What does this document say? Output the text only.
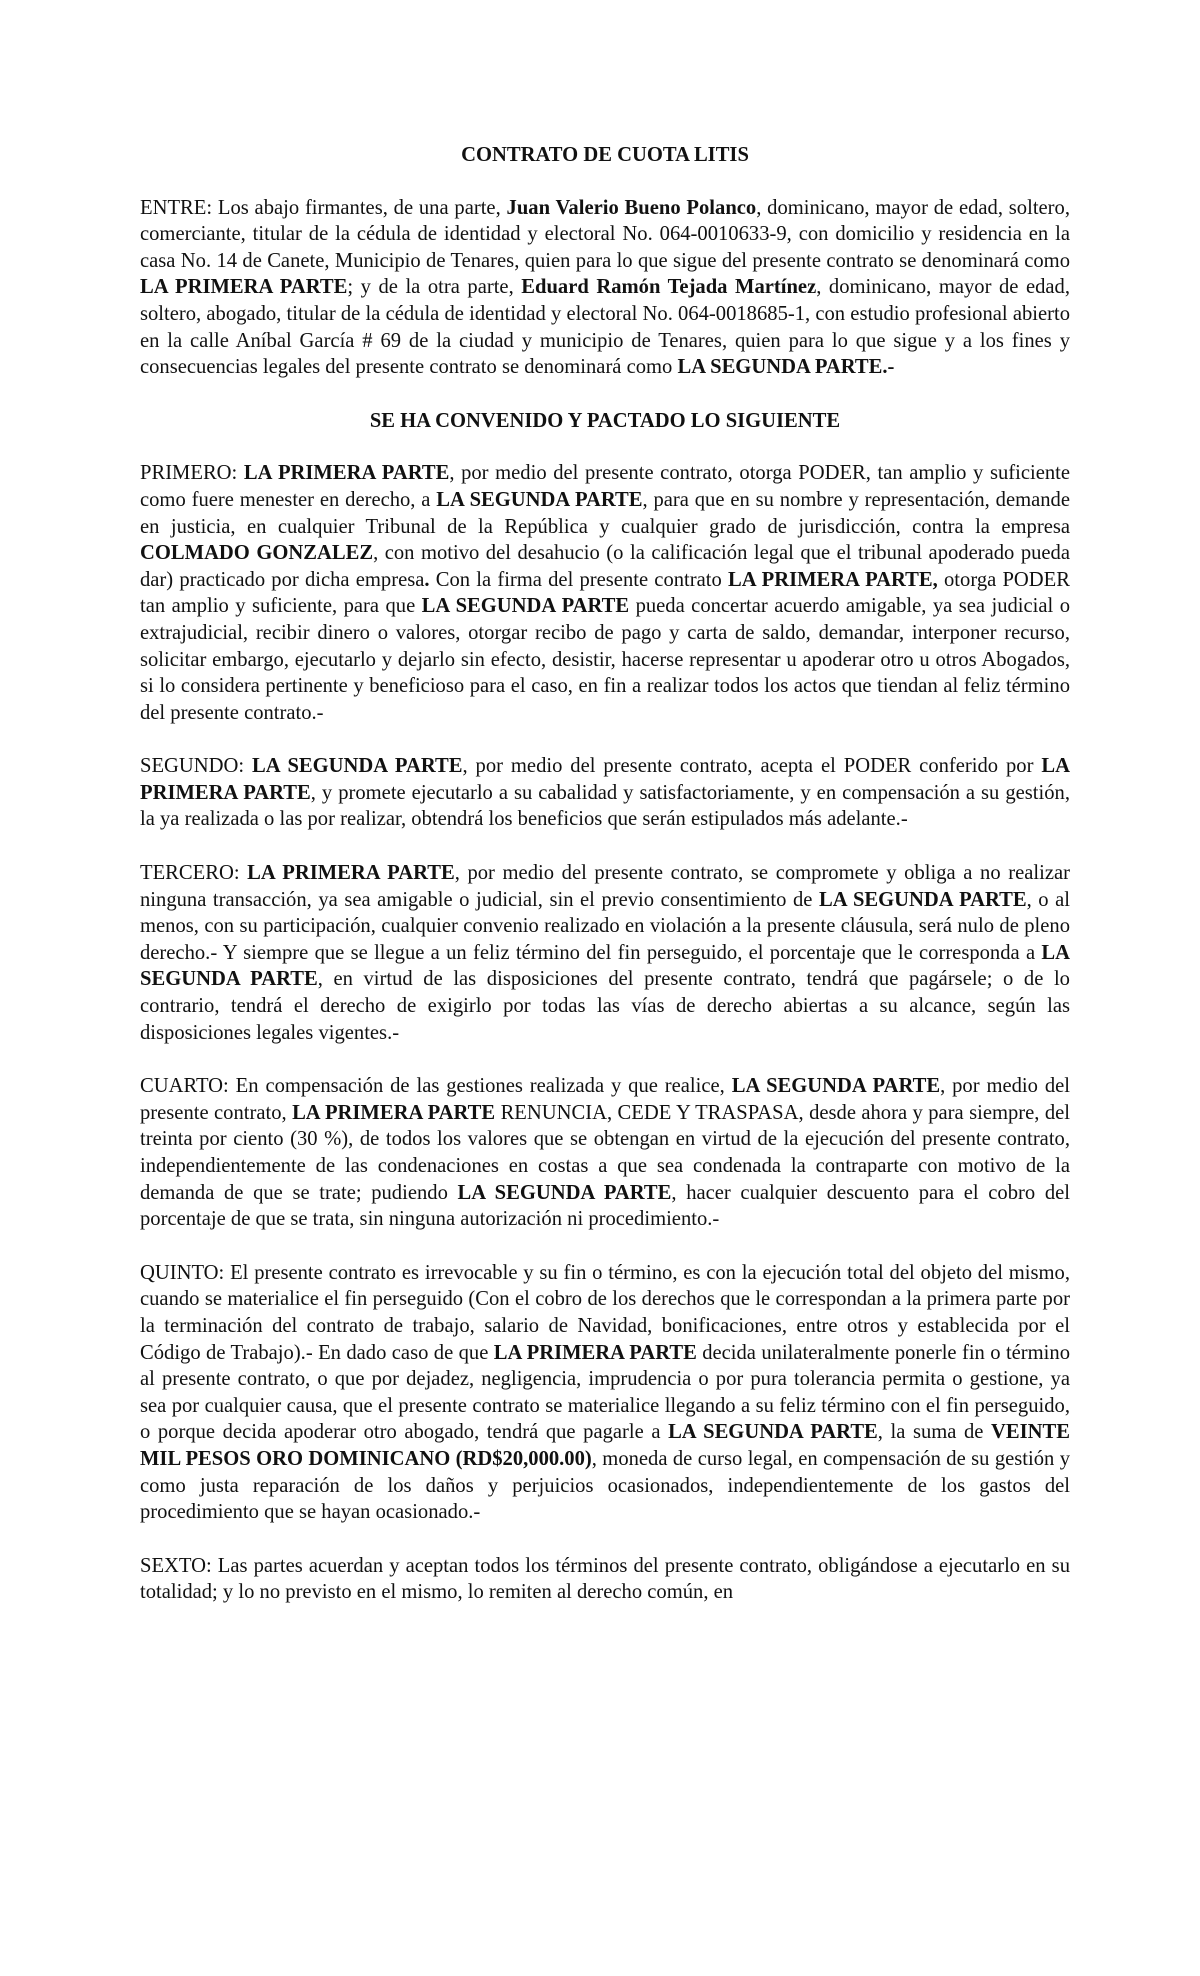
CONTRATO DE CUOTA LITIS

ENTRE: Los abajo firmantes, de una parte, Juan Valerio Bueno Polanco, dominicano, mayor de edad, soltero, comerciante, titular de la cédula de identidad y electoral No. 064-0010633-9, con domicilio y residencia en la casa No. 14 de Canete, Municipio de Tenares, quien para lo que sigue del presente contrato se denominará como LA PRIMERA PARTE; y de la otra parte, Eduard Ramón Tejada Martínez, dominicano, mayor de edad, soltero, abogado, titular de la cédula de identidad y electoral No. 064-0018685-1, con estudio profesional abierto en la calle Aníbal García # 69 de la ciudad y municipio de Tenares, quien para lo que sigue y a los fines y consecuencias legales del presente contrato se denominará como LA SEGUNDA PARTE.-

SE HA CONVENIDO Y PACTADO LO SIGUIENTE

PRIMERO: LA PRIMERA PARTE, por medio del presente contrato, otorga PODER, tan amplio y suficiente como fuere menester en derecho, a LA SEGUNDA PARTE, para que en su nombre y representación, demande en justicia, en cualquier Tribunal de la República y cualquier grado de jurisdicción, contra la empresa COLMADO GONZALEZ, con motivo del desahucio (o la calificación legal que el tribunal apoderado pueda dar) practicado por dicha empresa. Con la firma del presente contrato LA PRIMERA PARTE, otorga PODER tan amplio y suficiente, para que LA SEGUNDA PARTE pueda concertar acuerdo amigable, ya sea judicial o extrajudicial, recibir dinero o valores, otorgar recibo de pago y carta de saldo, demandar, interponer recurso, solicitar embargo, ejecutarlo y dejarlo sin efecto, desistir, hacerse representar u apoderar otro u otros Abogados, si lo considera pertinente y beneficioso para el caso, en fin a realizar todos los actos que tiendan al feliz término del presente contrato.-

SEGUNDO: LA SEGUNDA PARTE, por medio del presente contrato, acepta el PODER conferido por LA PRIMERA PARTE, y promete ejecutarlo a su cabalidad y satisfactoriamente, y en compensación a su gestión, la ya realizada o las por realizar, obtendrá los beneficios que serán estipulados más adelante.-

TERCERO: LA PRIMERA PARTE, por medio del presente contrato, se compromete y obliga a no realizar ninguna transacción, ya sea amigable o judicial, sin el previo consentimiento de LA SEGUNDA PARTE, o al menos, con su participación, cualquier convenio realizado en violación a la presente cláusula, será nulo de pleno derecho.- Y siempre que se llegue a un feliz término del fin perseguido, el porcentaje que le corresponda a LA SEGUNDA PARTE, en virtud de las disposiciones del presente contrato, tendrá que pagársele; o de lo contrario, tendrá el derecho de exigirlo por todas las vías de derecho abiertas a su alcance, según las disposiciones legales vigentes.-

CUARTO: En compensación de las gestiones realizada y que realice, LA SEGUNDA PARTE, por medio del presente contrato, LA PRIMERA PARTE RENUNCIA, CEDE Y TRASPASA, desde ahora y para siempre, del treinta por ciento (30 %), de todos los valores que se obtengan en virtud de la ejecución del presente contrato, independientemente de las condenaciones en costas a que sea condenada la contraparte con motivo de la demanda de que se trate; pudiendo LA SEGUNDA PARTE, hacer cualquier descuento para el cobro del porcentaje de que se trata, sin ninguna autorización ni procedimiento.-

QUINTO: El presente contrato es irrevocable y su fin o término, es con la ejecución total del objeto del mismo, cuando se materialice el fin perseguido (Con el cobro de los derechos que le correspondan a la primera parte por la terminación del contrato de trabajo, salario de Navidad, bonificaciones, entre otros y establecida por el Código de Trabajo).- En dado caso de que LA PRIMERA PARTE decida unilateralmente ponerle fin o término al presente contrato, o que por dejadez, negligencia, imprudencia o por pura tolerancia permita o gestione, ya sea por cualquier causa, que el presente contrato se materialice llegando a su feliz término con el fin perseguido, o porque decida apoderar otro abogado, tendrá que pagarle a LA SEGUNDA PARTE, la suma de VEINTE MIL PESOS ORO DOMINICANO (RD$20,000.00), moneda de curso legal, en compensación de su gestión y como justa reparación de los daños y perjuicios ocasionados, independientemente de los gastos del procedimiento que se hayan ocasionado.-

SEXTO: Las partes acuerdan y aceptan todos los términos del presente contrato, obligándose a ejecutarlo en su totalidad; y lo no previsto en el mismo, lo remiten al derecho común, en
